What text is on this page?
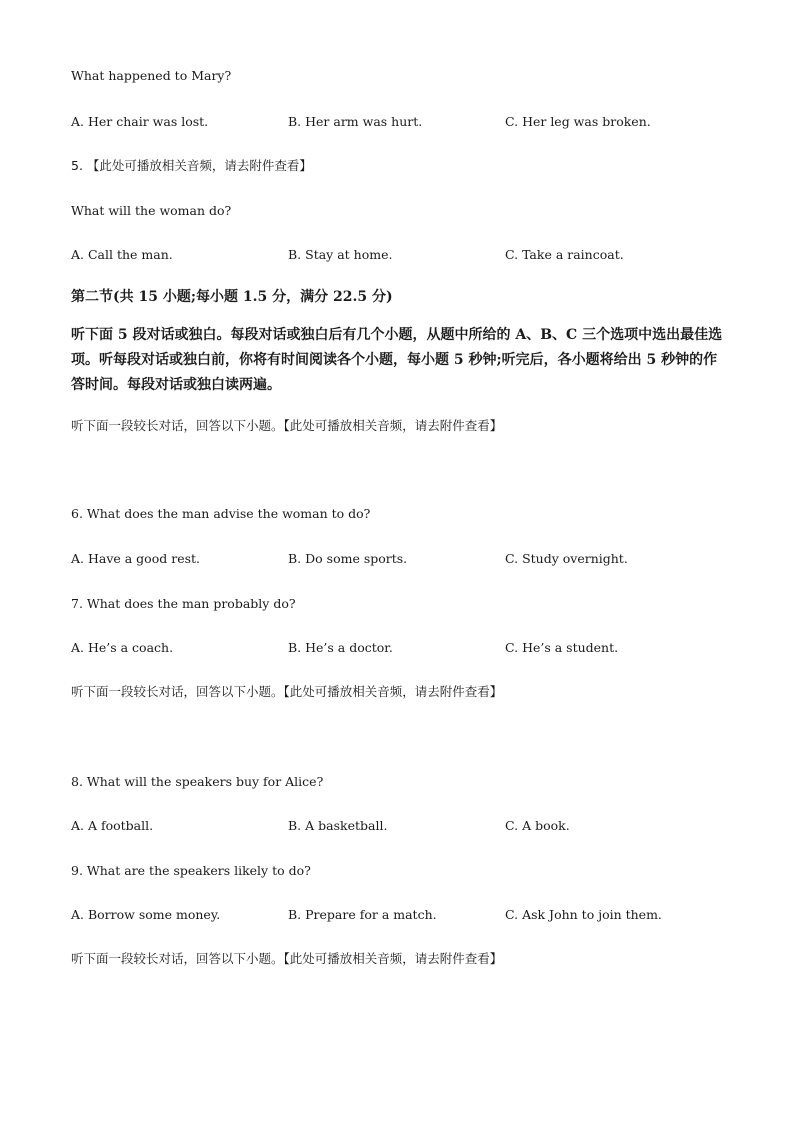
What happened to Mary?
A. Her chair was lost.	B. Her arm was hurt.	C. Her leg was broken.
5. 【此处可播放相关音频，请去附件查看】
What will the woman do?
A. Call the man.	B. Stay at home.	C. Take a raincoat.
第二节(共 15 小题;每小题 1.5 分，满分 22.5 分)
听下面 5 段对话或独白。每段对话或独白后有几个小题，从题中所给的 A、B、C 三个选项中选出最佳选项。听每段对话或独白前，你将有时间阅读各个小题，每小题 5 秒钟;听完后，各小题将给出 5 秒钟的作答时间。每段对话或独白读两遍。
听下面一段较长对话，回答以下小题。【此处可播放相关音频，请去附件查看】
6. What does the man advise the woman to do?
A. Have a good rest.	B. Do some sports.	C. Study overnight.
7. What does the man probably do?
A. He’s a coach.	B. He’s a doctor.	C. He’s a student.
听下面一段较长对话，回答以下小题。【此处可播放相关音频，请去附件查看】
8. What will the speakers buy for Alice?
A. A football.	B. A basketball.	C. A book.
9. What are the speakers likely to do?
A. Borrow some money.	B. Prepare for a match.	C. Ask John to join them.
听下面一段较长对话，回答以下小题。【此处可播放相关音频，请去附件查看】
